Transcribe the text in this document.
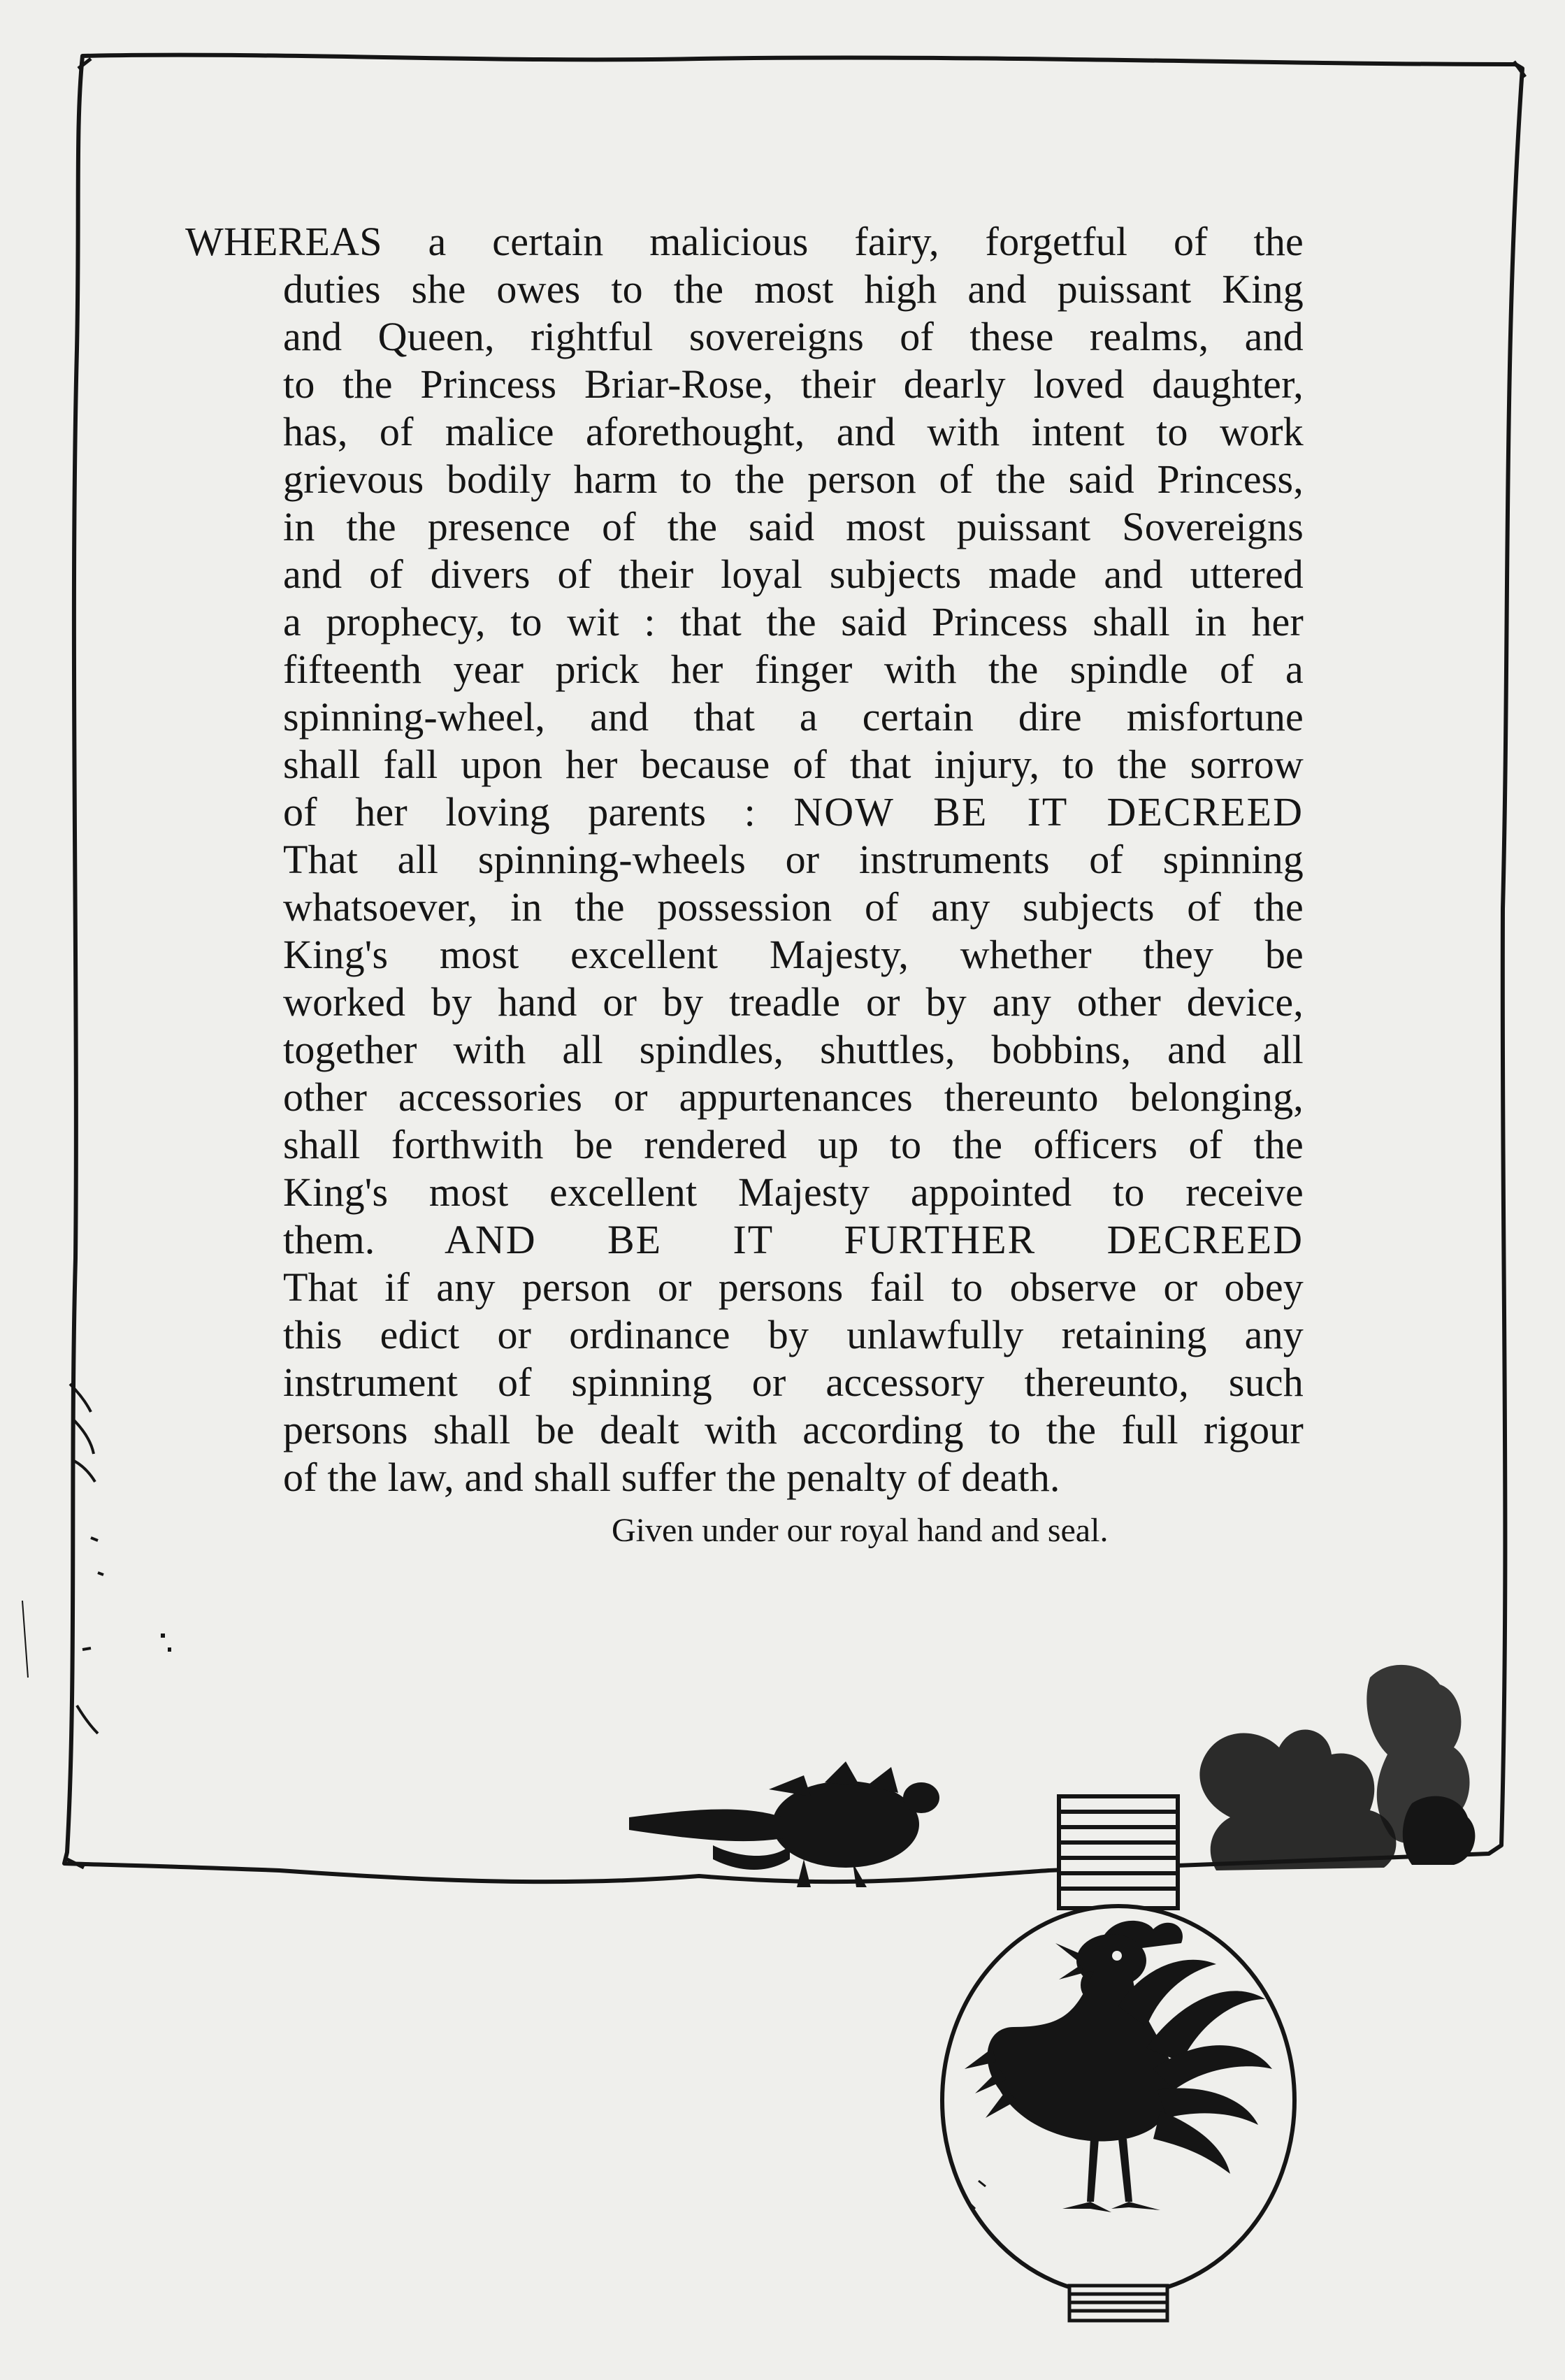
WHEREAS a certain malicious fairy, forgetful of the
duties she owes to the most high and puissant King
and Queen, rightful sovereigns of these realms, and
to the Princess Briar-Rose, their dearly loved daughter,
has, of malice aforethought, and with intent to work
grievous bodily harm to the person of the said Princess,
in the presence of the said most puissant Sovereigns
and of divers of their loyal subjects made and uttered
a prophecy, to wit : that the said Princess shall in her
fifteenth year prick her finger with the spindle of a
spinning-wheel, and that a certain dire misfortune
shall fall upon her because of that injury, to the sorrow
of her loving parents : NOW BE IT DECREED
That all spinning-wheels or instruments of spinning
whatsoever, in the possession of any subjects of the
King's most excellent Majesty, whether they be
worked by hand or by treadle or by any other device,
together with all spindles, shuttles, bobbins, and all
other accessories or appurtenances thereunto belonging,
shall forthwith be rendered up to the officers of the
King's most excellent Majesty appointed to receive
them. AND BE IT FURTHER DECREED
That if any person or persons fail to observe or obey
this edict or ordinance by unlawfully retaining any
instrument of spinning or accessory thereunto, such
persons shall be dealt with according to the full rigour
of the law, and shall suffer the penalty of death.
Given under our royal hand and seal.
